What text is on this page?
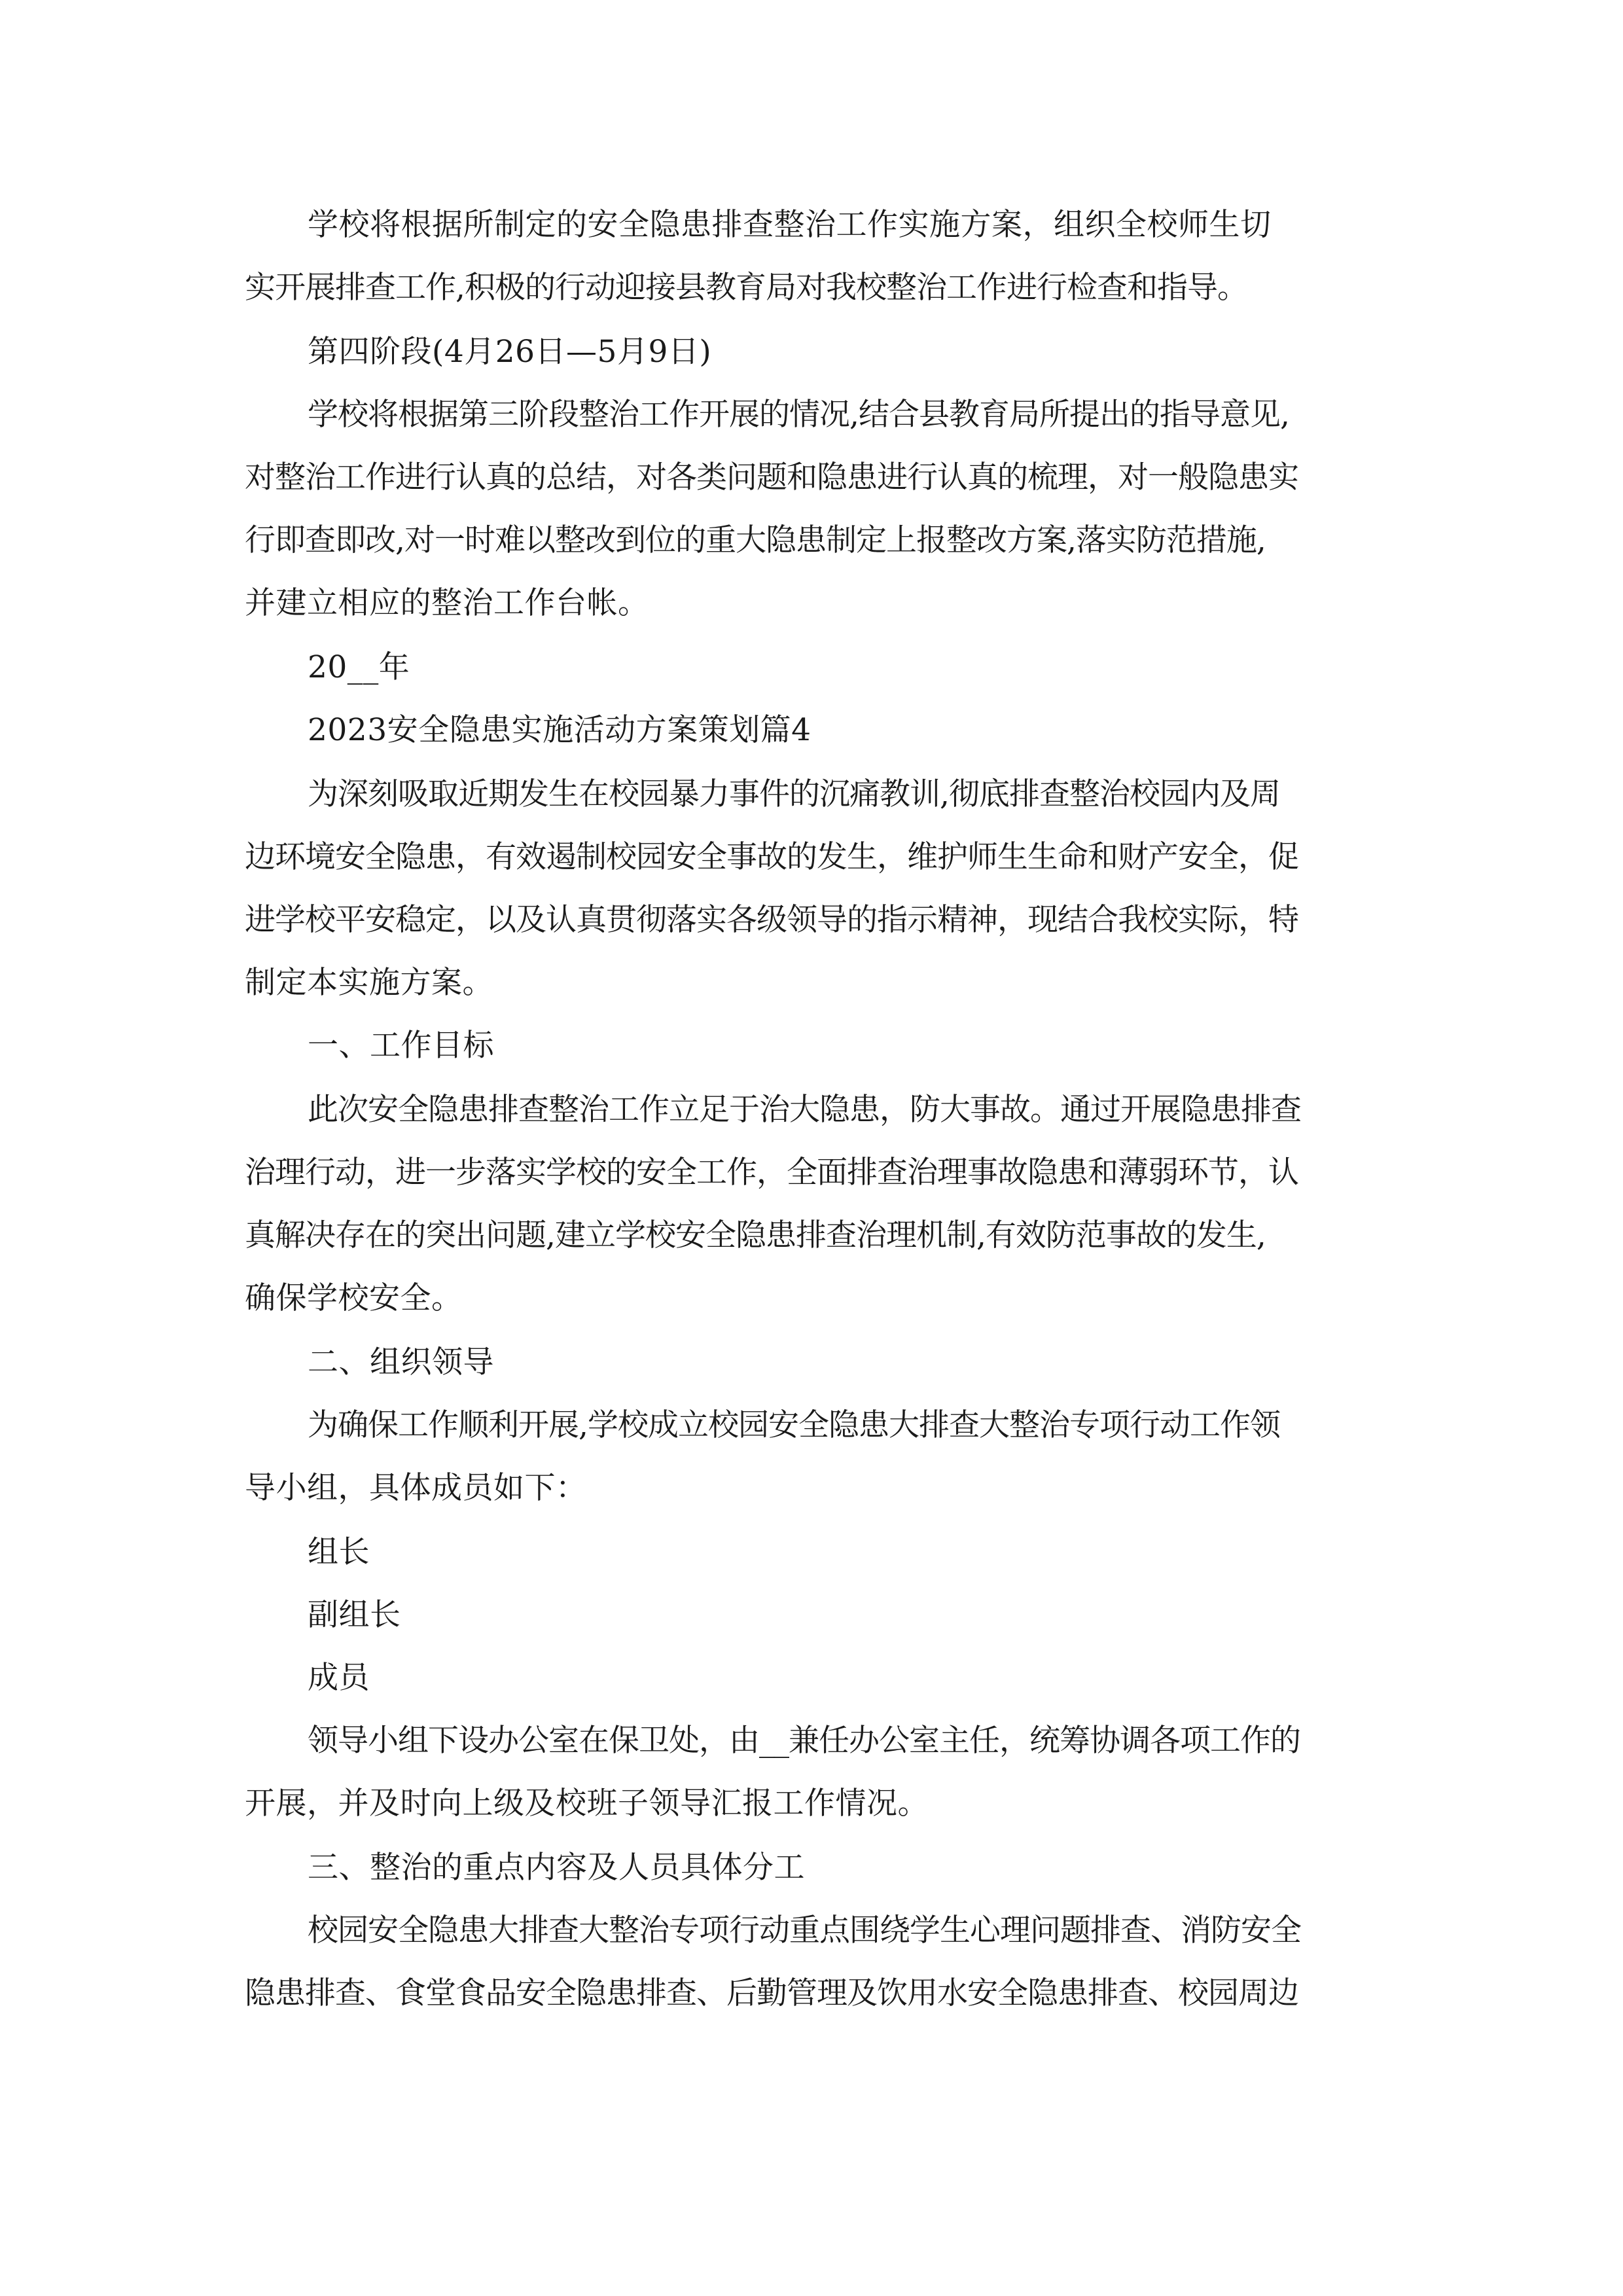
学校将根据所制定的安全隐患排查整治工作实施方案，组织全校师生切
实开展排查工作,积极的行动迎接县教育局对我校整治工作进行检查和指导。
第四阶段(4月26日—5月9日)
学校将根据第三阶段整治工作开展的情况,结合县教育局所提出的指导意见,
对整治工作进行认真的总结，对各类问题和隐患进行认真的梳理，对一般隐患实
行即查即改,对一时难以整改到位的重大隐患制定上报整改方案,落实防范措施,
并建立相应的整治工作台帐。
20__年
2023安全隐患实施活动方案策划篇4
为深刻吸取近期发生在校园暴力事件的沉痛教训,彻底排查整治校园内及周
边环境安全隐患，有效遏制校园安全事故的发生，维护师生生命和财产安全，促
进学校平安稳定，以及认真贯彻落实各级领导的指示精神，现结合我校实际，特
制定本实施方案。
一、工作目标
此次安全隐患排查整治工作立足于治大隐患，防大事故。通过开展隐患排查
治理行动，进一步落实学校的安全工作，全面排查治理事故隐患和薄弱环节，认
真解决存在的突出问题,建立学校安全隐患排查治理机制,有效防范事故的发生,
确保学校安全。
二、组织领导
为确保工作顺利开展,学校成立校园安全隐患大排查大整治专项行动工作领
导小组，具体成员如下：
组长
副组长
成员
领导小组下设办公室在保卫处，由__兼任办公室主任，统筹协调各项工作的
开展，并及时向上级及校班子领导汇报工作情况。
三、整治的重点内容及人员具体分工
校园安全隐患大排查大整治专项行动重点围绕学生心理问题排查、消防安全
隐患排查、食堂食品安全隐患排查、后勤管理及饮用水安全隐患排查、校园周边
